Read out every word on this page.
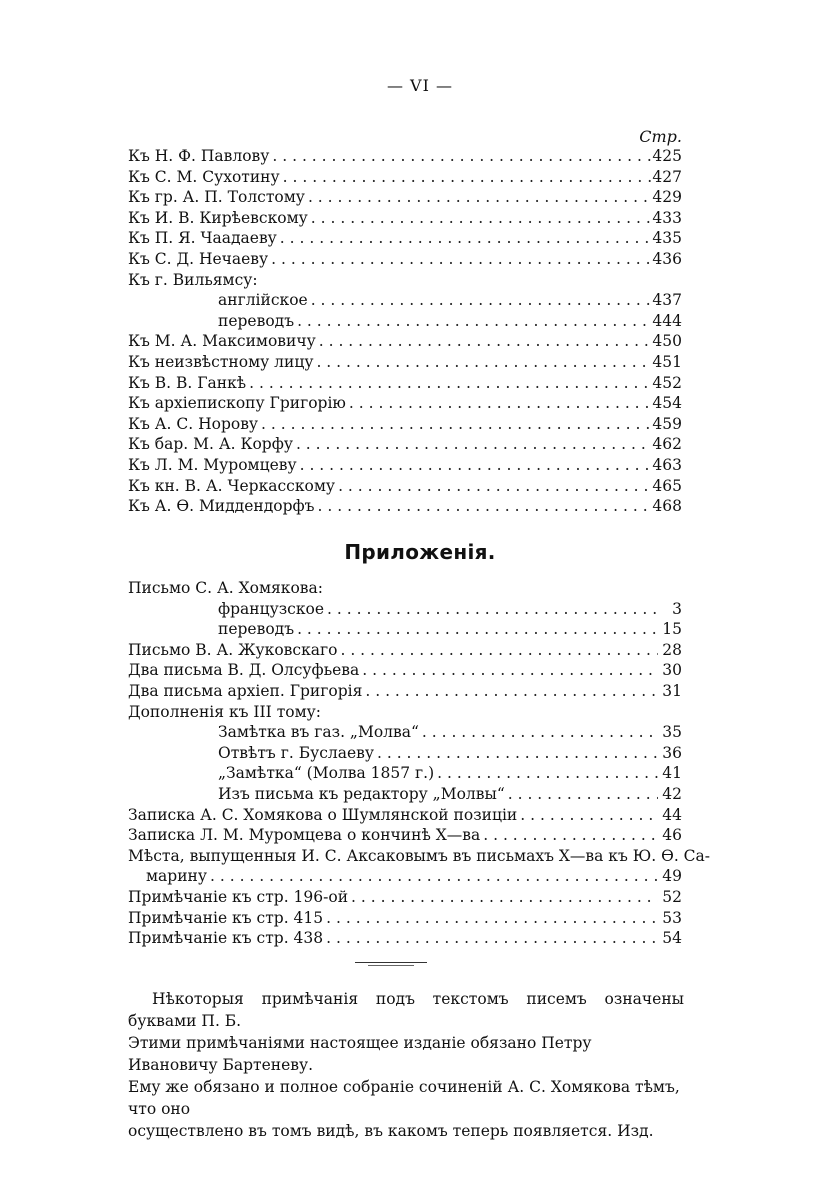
— VI —
Стр.
Къ Н. Ф. Павлову . . .	425
Къ С. М. Сухотину . . .	427
Къ гр. А. П. Толстому . . .	429
Къ И. В. Кирѣевскому . . .	433
Къ П. Я. Чаадаеву . . .	435
Къ С. Д. Нечаеву . . .	436
Къ г. Вильямсу:
англійское . . .	437
переводъ . . .	444
Къ М. А. Максимовичу . . .	450
Къ неизвѣстному лицу . . .	451
Къ В. В. Ганкѣ . . .	452
Къ архіепископу Григорію . . .	454
Къ А. С. Норову . . .	459
Къ бар. М. А. Корфу . . .	462
Къ Л. М. Муромцеву . . .	463
Къ кн. В. А. Черкасскому . . .	465
Къ А. Ѳ. Миддендорфъ . . .	468
Приложенія.
Письмо С. А. Хомякова:
французское . . .	3
переводъ . . .	15
Письмо В. А. Жуковскаго . . .	28
Два письма В. Д. Олсуфьева . . .	30
Два письма архіеп. Григорія . . .	31
Дополненія къ III тому:
Замѣтка въ газ. „Молва“ . . .	35
Отвѣтъ г. Буслаеву . . .	36
„Замѣтка“ (Молва 1857 г.) . . .	41
Изъ письма къ редактору „Молвы“ . . .	42
Записка А. С. Хомякова о Шумлянской позиціи . . .	44
Записка Л. М. Муромцева о кончинѣ Х—ва . . .	46
Мѣста, выпущенныя И. С. Аксаковымъ въ письмахъ Х—ва къ Ю. Ѳ. Са-
марину . . .	49
Примѣчаніе къ стр. 196-ой . . .	52
Примѣчаніе къ стр. 415 . . .	53
Примѣчаніе къ стр. 438 . . .	54
Нѣкоторыя примѣчанія подъ текстомъ писемъ означены буквами П. Б.
Этими примѣчаніями настоящее изданіе обязано Петру Ивановичу Бартеневу.
Ему же обязано и полное собраніе сочиненій А. С. Хомякова тѣмъ, что оно
осуществлено въ томъ видѣ, въ какомъ теперь появляется. Изд.
